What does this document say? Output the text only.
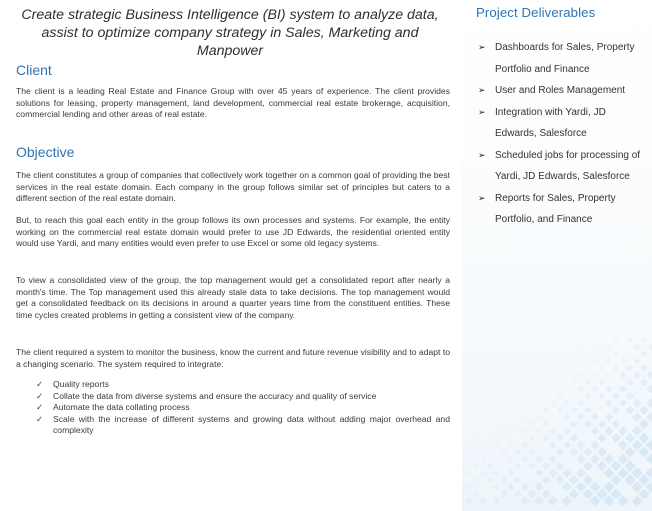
Create strategic Business Intelligence (BI) system to analyze data, assist to optimize company strategy in Sales, Marketing and Manpower
Client
The client is a leading Real Estate and Finance Group with over 45 years of experience. The client provides solutions for leasing, property management, land development, commercial real estate brokerage, acquisition, commercial lending and other areas of real estate.
Objective
The client constitutes a group of companies that collectively work together on a common goal of providing the best services in the real estate domain. Each company in the group follows similar set of principles but caters to a different section of the real estate domain.
But, to reach this goal each entity in the group follows its own processes and systems. For example, the entity working on the commercial real estate domain would prefer to use JD Edwards, the residential oriented entity would use Yardi, and many entities would even prefer to use Excel or some old legacy systems.
To view a consolidated view of the group, the top management would get a consolidated report after nearly a month's time. The Top management used this already stale data to take decisions. The top management would get a consolidated feedback on its decisions in around a quarter years time from the constituent entities. These time cycles created problems in getting a consistent view of the company.
The client required a system to monitor the business, know the current and future revenue visibility and to adapt to a changing scenario. The system required to integrate:
✓ Quality reports
✓ Collate the data from diverse systems and ensure the accuracy and quality of service
✓ Automate the data collating process
✓ Scale with the increase of different systems and growing data without adding major overhead and complexity
Project Deliverables
➢ Dashboards for Sales, Property Portfolio and Finance
➢ User and Roles Management
➢ Integration with Yardi, JD Edwards, Salesforce
➢ Scheduled jobs for processing of Yardi, JD Edwards, Salesforce
➢ Reports for Sales, Property Portfolio, and Finance
